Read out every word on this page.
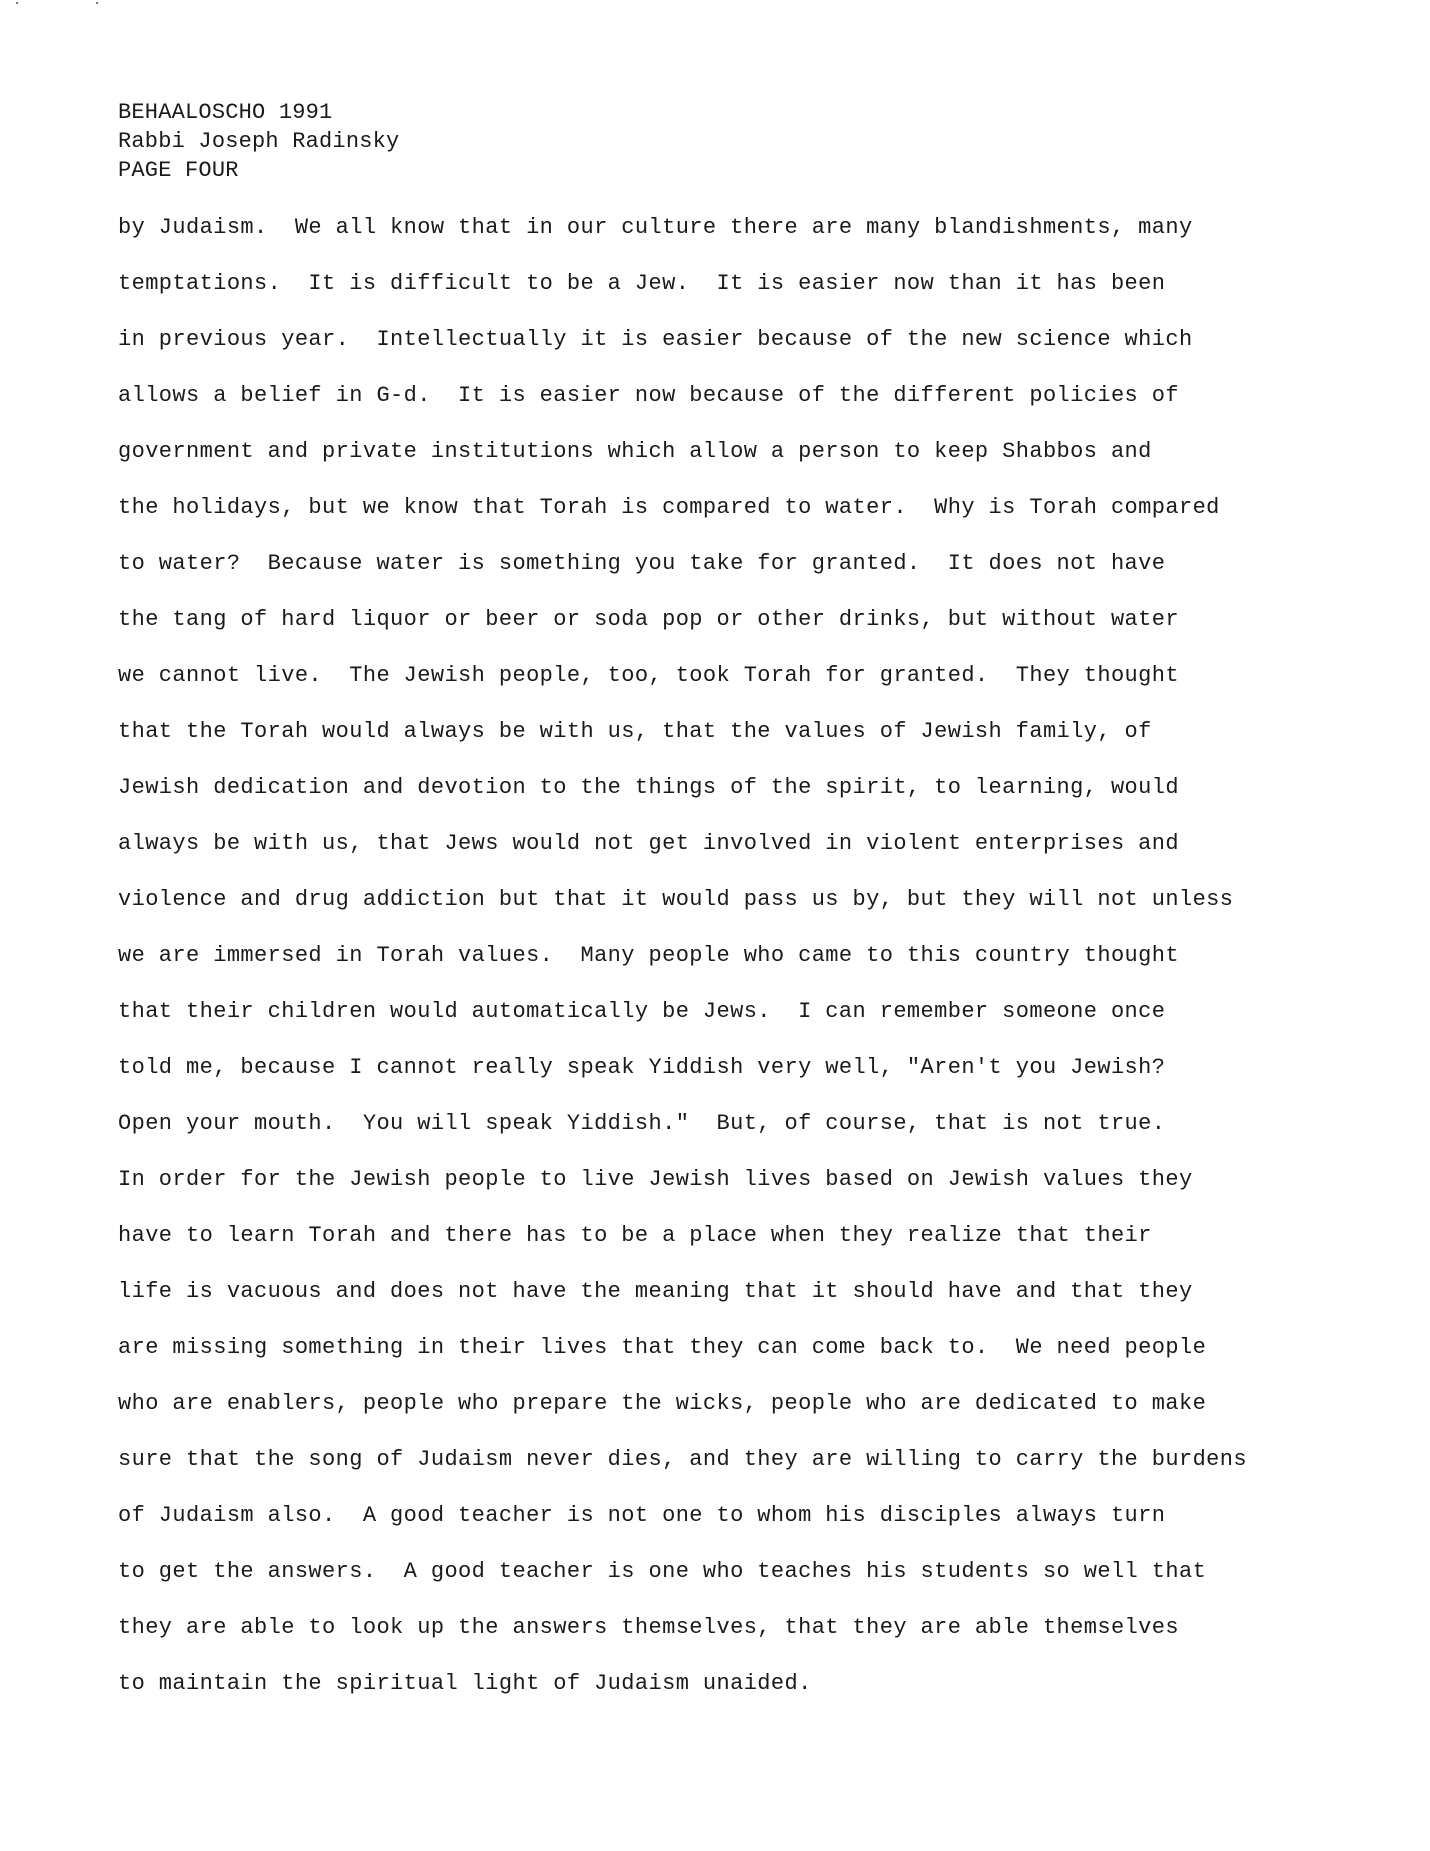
BEHAALOSCHO 1991
Rabbi Joseph Radinsky
PAGE FOUR
by Judaism.  We all know that in our culture there are many blandishments, many
temptations.  It is difficult to be a Jew.  It is easier now than it has been
in previous year.  Intellectually it is easier because of the new science which
allows a belief in G-d.  It is easier now because of the different policies of
government and private institutions which allow a person to keep Shabbos and
the holidays, but we know that Torah is compared to water.  Why is Torah compared
to water?  Because water is something you take for granted.  It does not have
the tang of hard liquor or beer or soda pop or other drinks, but without water
we cannot live.  The Jewish people, too, took Torah for granted.  They thought
that the Torah would always be with us, that the values of Jewish family, of
Jewish dedication and devotion to the things of the spirit, to learning, would
always be with us, that Jews would not get involved in violent enterprises and
violence and drug addiction but that it would pass us by, but they will not unless
we are immersed in Torah values.  Many people who came to this country thought
that their children would automatically be Jews.  I can remember someone once
told me, because I cannot really speak Yiddish very well, "Aren't you Jewish?
Open your mouth.  You will speak Yiddish."  But, of course, that is not true.
In order for the Jewish people to live Jewish lives based on Jewish values they
have to learn Torah and there has to be a place when they realize that their
life is vacuous and does not have the meaning that it should have and that they
are missing something in their lives that they can come back to.  We need people
who are enablers, people who prepare the wicks, people who are dedicated to make
sure that the song of Judaism never dies, and they are willing to carry the burdens
of Judaism also.  A good teacher is not one to whom his disciples always turn
to get the answers.  A good teacher is one who teaches his students so well that
they are able to look up the answers themselves, that they are able themselves
to maintain the spiritual light of Judaism unaided.
